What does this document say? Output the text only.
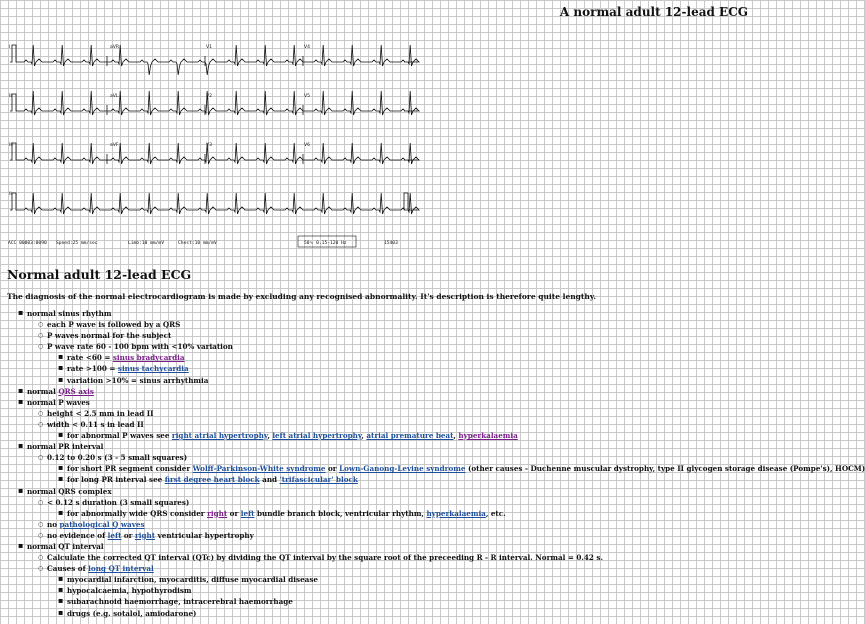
A normal adult 12-lead ECG
I	aVR	V1	V4
II	aVL	V2	V5
III	aVF	V3	V6
II
ACC 00003:0090 Speed:25 mm/sec	Limb:10 mm/mV	Chest:10 mm/mV	50∿ 0.15-120 Hz	15403
Normal adult 12-lead ECG
The diagnosis of the normal electrocardiogram is made by excluding any recognised abnormality. It's description is therefore quite lengthy.
▪ normal sinus rhythm
○ each P wave is followed by a QRS
○ P waves normal for the subject
○ P wave rate 60 - 100 bpm with <10% variation
▪ rate <60 = sinus bradycardia
▪ rate >100 = sinus tachycardia
▪ variation >10% = sinus arrhythmia
▪ normal QRS axis
▪ normal P waves
○ height < 2.5 mm in lead II
○ width < 0.11 s in lead II
▪ for abnormal P waves see right atrial hypertrophy, left atrial hypertrophy, atrial premature beat, hyperkalaemia
▪ normal PR interval
○ 0.12 to 0.20 s (3 - 5 small squares)
▪ for short PR segment consider Wolff-Parkinson-White syndrome or Lown-Ganong-Levine syndrome (other causes - Duchenne muscular dystrophy, type II glycogen storage disease (Pompe's), HOCM)
▪ for long PR interval see first degree heart block and 'trifascicular' block
▪ normal QRS complex
○ < 0.12 s duration (3 small squares)
▪ for abnormally wide QRS consider right or left bundle branch block, ventricular rhythm, hyperkalaemia, etc.
○ no pathological Q waves
○ no evidence of left or right ventricular hypertrophy
▪ normal QT interval
○ Calculate the corrected QT interval (QTc) by dividing the QT interval by the square root of the preceeding R - R interval. Normal = 0.42 s.
○ Causes of long QT interval
▪ myocardial infarction, myocarditis, diffuse myocardial disease
▪ hypocalcaemia, hypothyrodism
▪ subarachnoid haemorrhage, intracerebral haemorrhage
▪ drugs (e.g. sotalol, amiodarone)
